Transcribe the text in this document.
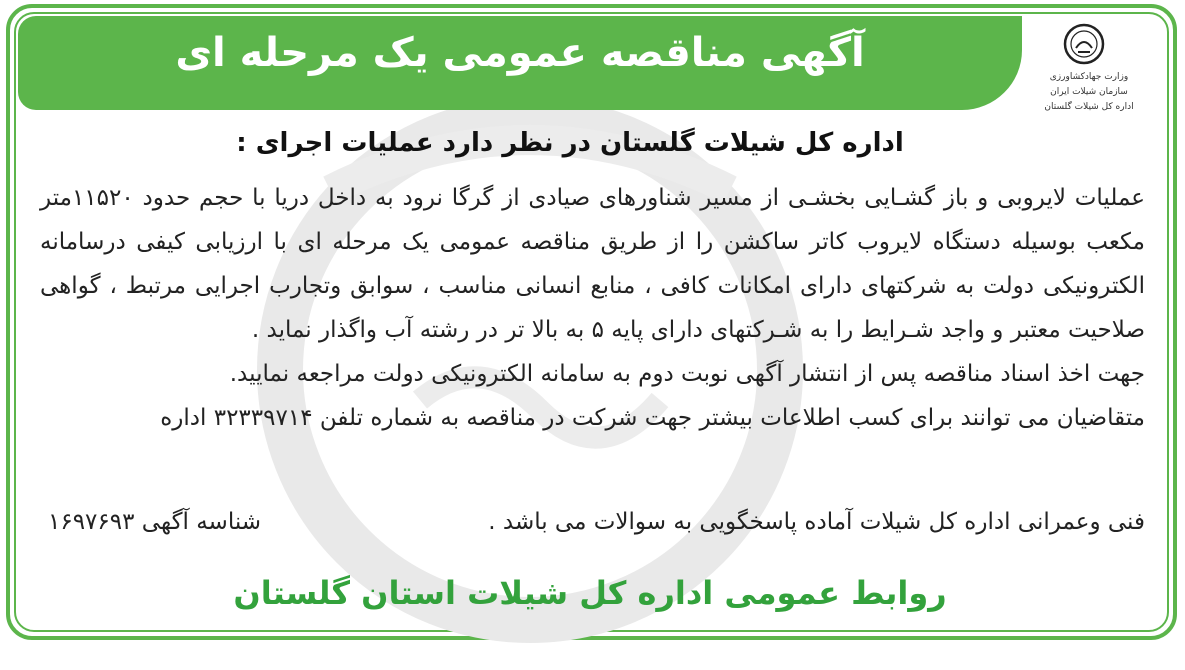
آگهی مناقصه عمومی یک مرحله ای
وزارت جهادکشاورزی
سازمان شیلات ایران
اداره کل شیلات گلستان
اداره کل شیلات گلستان در نظر دارد عملیات اجرای :

عملیات لایروبی و باز گشـایی بخشـی از مسیر شناورهای صیادی از گرگا نرود به داخل دریا با حجم حدود ۱۱۵۲۰متر مکعب بوسیله دستگاه لایروب کاتر ساکشن را از طریق مناقصه عمومی یک مرحله ای با ارزیابی کیفی درسامانه الکترونیکی دولت به شرکتهای دارای امکانات کافی ، منابع انسانی مناسب ، سوابق وتجارب اجرایی مرتبط ، گواهی صلاحیت معتبر و واجد شـرایط را به شـرکتهای دارای پایه ۵ به بالا تر در رشته آب واگذار نماید .

جهت اخذ اسناد مناقصه پس از انتشار آگهی نوبت دوم به سامانه الکترونیکی دولت مراجعه نمایید.

متقاضیان می توانند برای کسب اطلاعات بیشتر جهت شرکت در مناقصه به شماره تلفن ۳۲۳۳۹۷۱۴ اداره

فنی وعمرانی اداره کل شیلات آماده پاسخگویی به سوالات می باشد .
شناسه آگهی ۱۶۹۷۶۹۳
روابط عمومی اداره کل شیلات استان گلستان
